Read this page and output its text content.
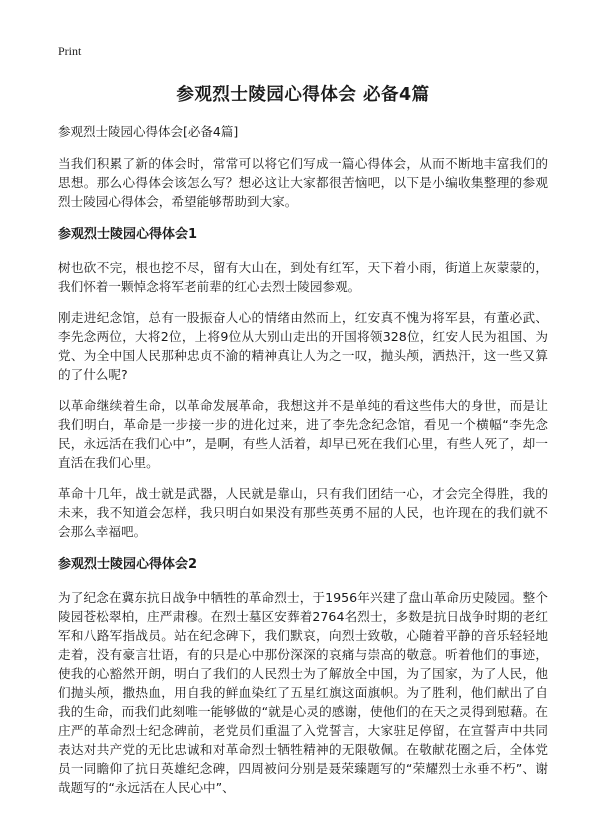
Print
参观烈士陵园心得体会 必备4篇
参观烈士陵园心得体会[必备4篇]

当我们积累了新的体会时，常常可以将它们写成一篇心得体会，从而不断地丰富我们的思想。那么心得体会该怎么写？想必这让大家都很苦恼吧，以下是小编收集整理的参观烈士陵园心得体会，希望能够帮助到大家。

参观烈士陵园心得体会1

树也砍不完，根也挖不尽，留有大山在，到处有红军，天下着小雨，街道上灰蒙蒙的，我们怀着一颗悼念将军老前辈的红心去烈士陵园参观。

刚走进纪念馆，总有一股振奋人心的情绪由然而上，红安真不愧为将军县，有董必武、李先念两位，大将2位，上将9位从大别山走出的开国将领328位，红安人民为祖国、为党、为全中国人民那种忠贞不渝的精神真让人为之一叹，抛头颅，洒热汗，这一些又算的了什么呢?

以革命继续着生命，以革命发展革命，我想这并不是单纯的看这些伟大的身世，而是让我们明白，革命是一步接一步的进化过来，进了李先念纪念馆，看见一个横幅“李先念民，永远活在我们心中”，是啊，有些人活着，却早已死在我们心里，有些人死了，却一直活在我们心里。

革命十几年，战士就是武器，人民就是靠山，只有我们团结一心，才会完全得胜，我的未来，我不知道会怎样，我只明白如果没有那些英勇不屈的人民，也许现在的我们就不会那么幸福吧。

参观烈士陵园心得体会2

为了纪念在冀东抗日战争中牺牲的革命烈士，于1956年兴建了盘山革命历史陵园。整个陵园苍松翠柏，庄严肃穆。在烈士墓区安葬着2764名烈士，多数是抗日战争时期的老红军和八路军指战员。站在纪念碑下，我们默哀，向烈士致敬，心随着平静的音乐轻轻地走着，没有豪言壮语，有的只是心中那份深深的哀痛与崇高的敬意。听着他们的事迹，使我的心豁然开朗，明白了我们的人民烈士为了解放全中国，为了国家，为了人民，他们抛头颅，撒热血，用自我的鲜血染红了五星红旗这面旗帜。为了胜利，他们献出了自我的生命，而我们此刻唯一能够做的“就是心灵的感谢，使他们的在天之灵得到慰藉。在庄严的革命烈士纪念碑前，老党员们重温了入党誓言，大家驻足停留，在宣誓声中共同表达对共产党的无比忠诚和对革命烈士牺牲精神的无限敬佩。在敬献花圈之后，全体党员一同瞻仰了抗日英雄纪念碑，四周被问分别是聂荣臻题写的“荣耀烈士永垂不朽”、谢哉题写的“永远活在人民心中”、
